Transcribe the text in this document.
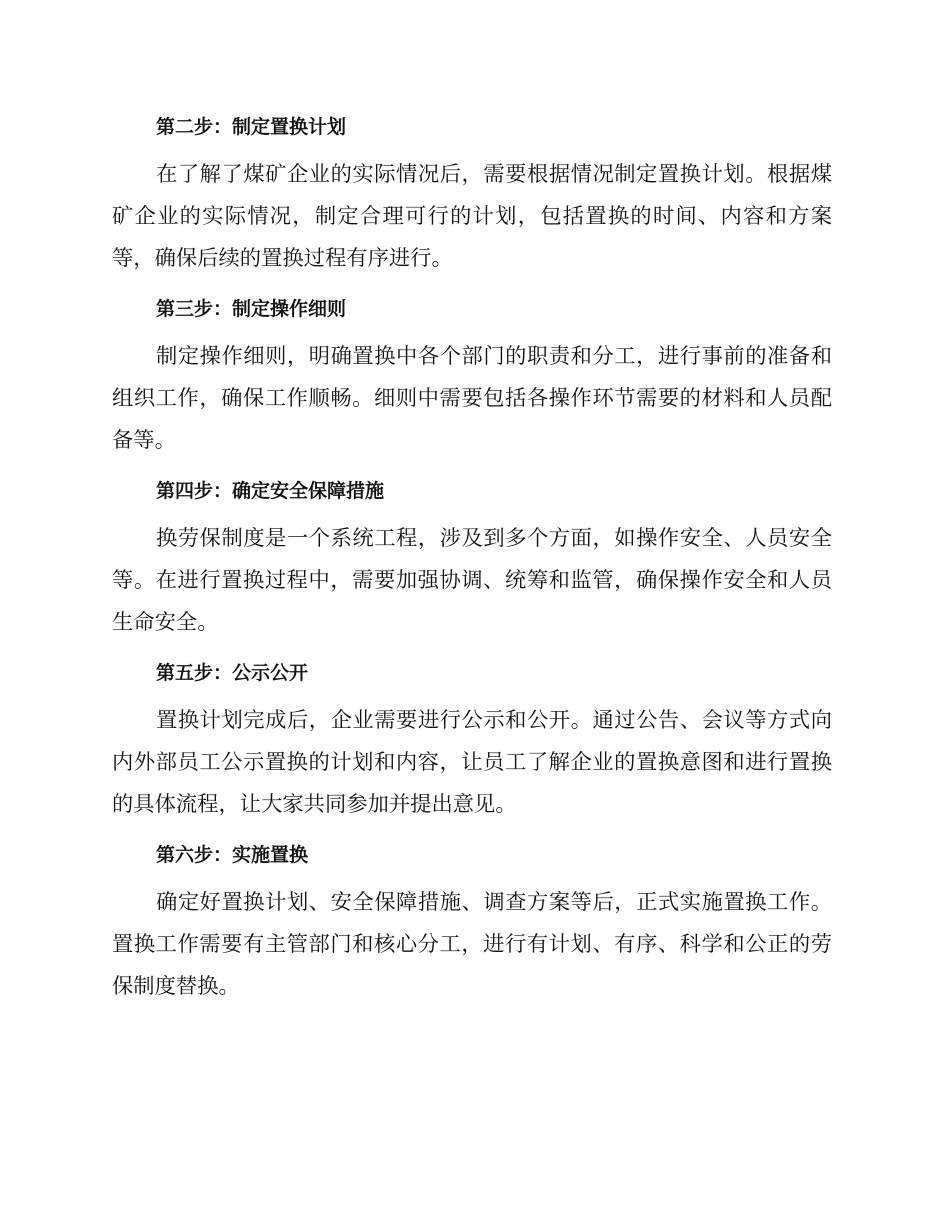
第二步：制定置换计划

在了解了煤矿企业的实际情况后，需要根据情况制定置换计划。根据煤矿企业的实际情况，制定合理可行的计划，包括置换的时间、内容和方案等，确保后续的置换过程有序进行。

第三步：制定操作细则

制定操作细则，明确置换中各个部门的职责和分工，进行事前的准备和组织工作，确保工作顺畅。细则中需要包括各操作环节需要的材料和人员配备等。

第四步：确定安全保障措施

换劳保制度是一个系统工程，涉及到多个方面，如操作安全、人员安全等。在进行置换过程中，需要加强协调、统筹和监管，确保操作安全和人员生命安全。

第五步：公示公开

置换计划完成后，企业需要进行公示和公开。通过公告、会议等方式向内外部员工公示置换的计划和内容，让员工了解企业的置换意图和进行置换的具体流程，让大家共同参加并提出意见。

第六步：实施置换

确定好置换计划、安全保障措施、调查方案等后，正式实施置换工作。置换工作需要有主管部门和核心分工，进行有计划、有序、科学和公正的劳保制度替换。
